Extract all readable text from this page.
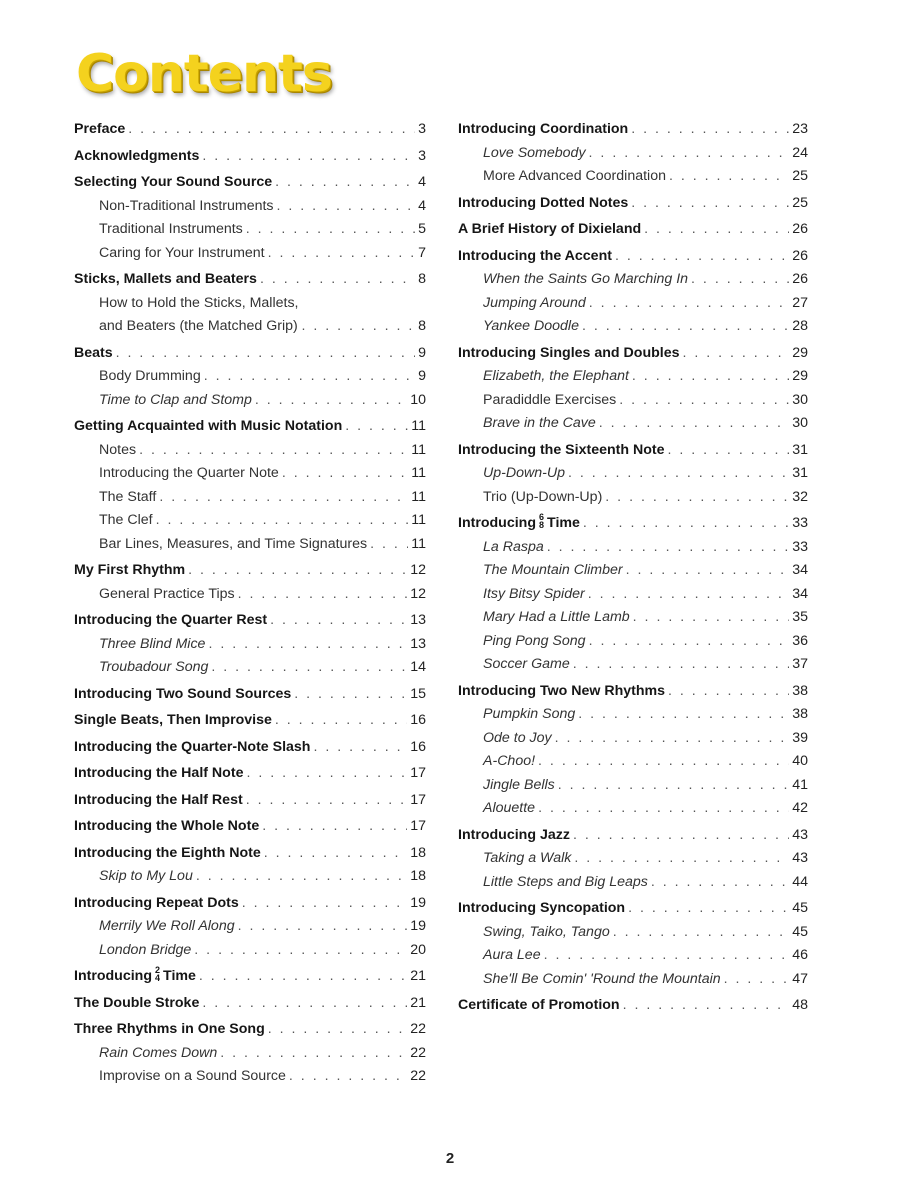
Contents
Preface . . .	3
Acknowledgments . . .	3
Selecting Your Sound Source . . .	4
Non-Traditional Instruments . . .	4
Traditional Instruments . . .	5
Caring for Your Instrument . . .	7
Sticks, Mallets and Beaters . . .	8
How to Hold the Sticks, Mallets,
and Beaters (the Matched Grip) . . .	8
Beats . . .	9
Body Drumming . . .	9
Time to Clap and Stomp . . .	10
Getting Acquainted with Music Notation . . .	11
Notes . . .	11
Introducing the Quarter Note . . .	11
The Staff . . .	11
The Clef . . .	11
Bar Lines, Measures, and Time Signatures . . .	11
My First Rhythm . . .	12
General Practice Tips . . .	12
Introducing the Quarter Rest . . .	13
Three Blind Mice . . .	13
Troubadour Song . . .	14
Introducing Two Sound Sources . . .	15
Single Beats, Then Improvise . . .	16
Introducing the Quarter-Note Slash . . .	16
Introducing the Half Note . . .	17
Introducing the Half Rest . . .	17
Introducing the Whole Note . . .	17
Introducing the Eighth Note . . .	18
Skip to My Lou . . .	18
Introducing Repeat Dots . . .	19
Merrily We Roll Along . . .	19
London Bridge . . .	20
Introducing 2
4 Time . . .	21
The Double Stroke . . .	21
Three Rhythms in One Song . . .	22
Rain Comes Down . . .	22
Improvise on a Sound Source . . .	22
Introducing Coordination . . .	23
Love Somebody . . .	24
More Advanced Coordination . . .	25
Introducing Dotted Notes . . .	25
A Brief History of Dixieland . . .	26
Introducing the Accent . . .	26
When the Saints Go Marching In . . .	26
Jumping Around . . .	27
Yankee Doodle . . .	28
Introducing Singles and Doubles . . .	29
Elizabeth, the Elephant . . .	29
Paradiddle Exercises . . .	30
Brave in the Cave . . .	30
Introducing the Sixteenth Note . . .	31
Up-Down-Up . . .	31
Trio (Up-Down-Up) . . .	32
Introducing 6
8 Time . . .	33
La Raspa . . .	33
The Mountain Climber . . .	34
Itsy Bitsy Spider . . .	34
Mary Had a Little Lamb . . .	35
Ping Pong Song . . .	36
Soccer Game . . .	37
Introducing Two New Rhythms . . .	38
Pumpkin Song . . .	38
Ode to Joy . . .	39
A-Choo! . . .	40
Jingle Bells . . .	41
Alouette . . .	42
Introducing Jazz . . .	43
Taking a Walk . . .	43
Little Steps and Big Leaps . . .	44
Introducing Syncopation . . .	45
Swing, Taiko, Tango . . .	45
Aura Lee . . .	46
She'll Be Comin' 'Round the Mountain . . .	47
Certificate of Promotion . . .	48
2
